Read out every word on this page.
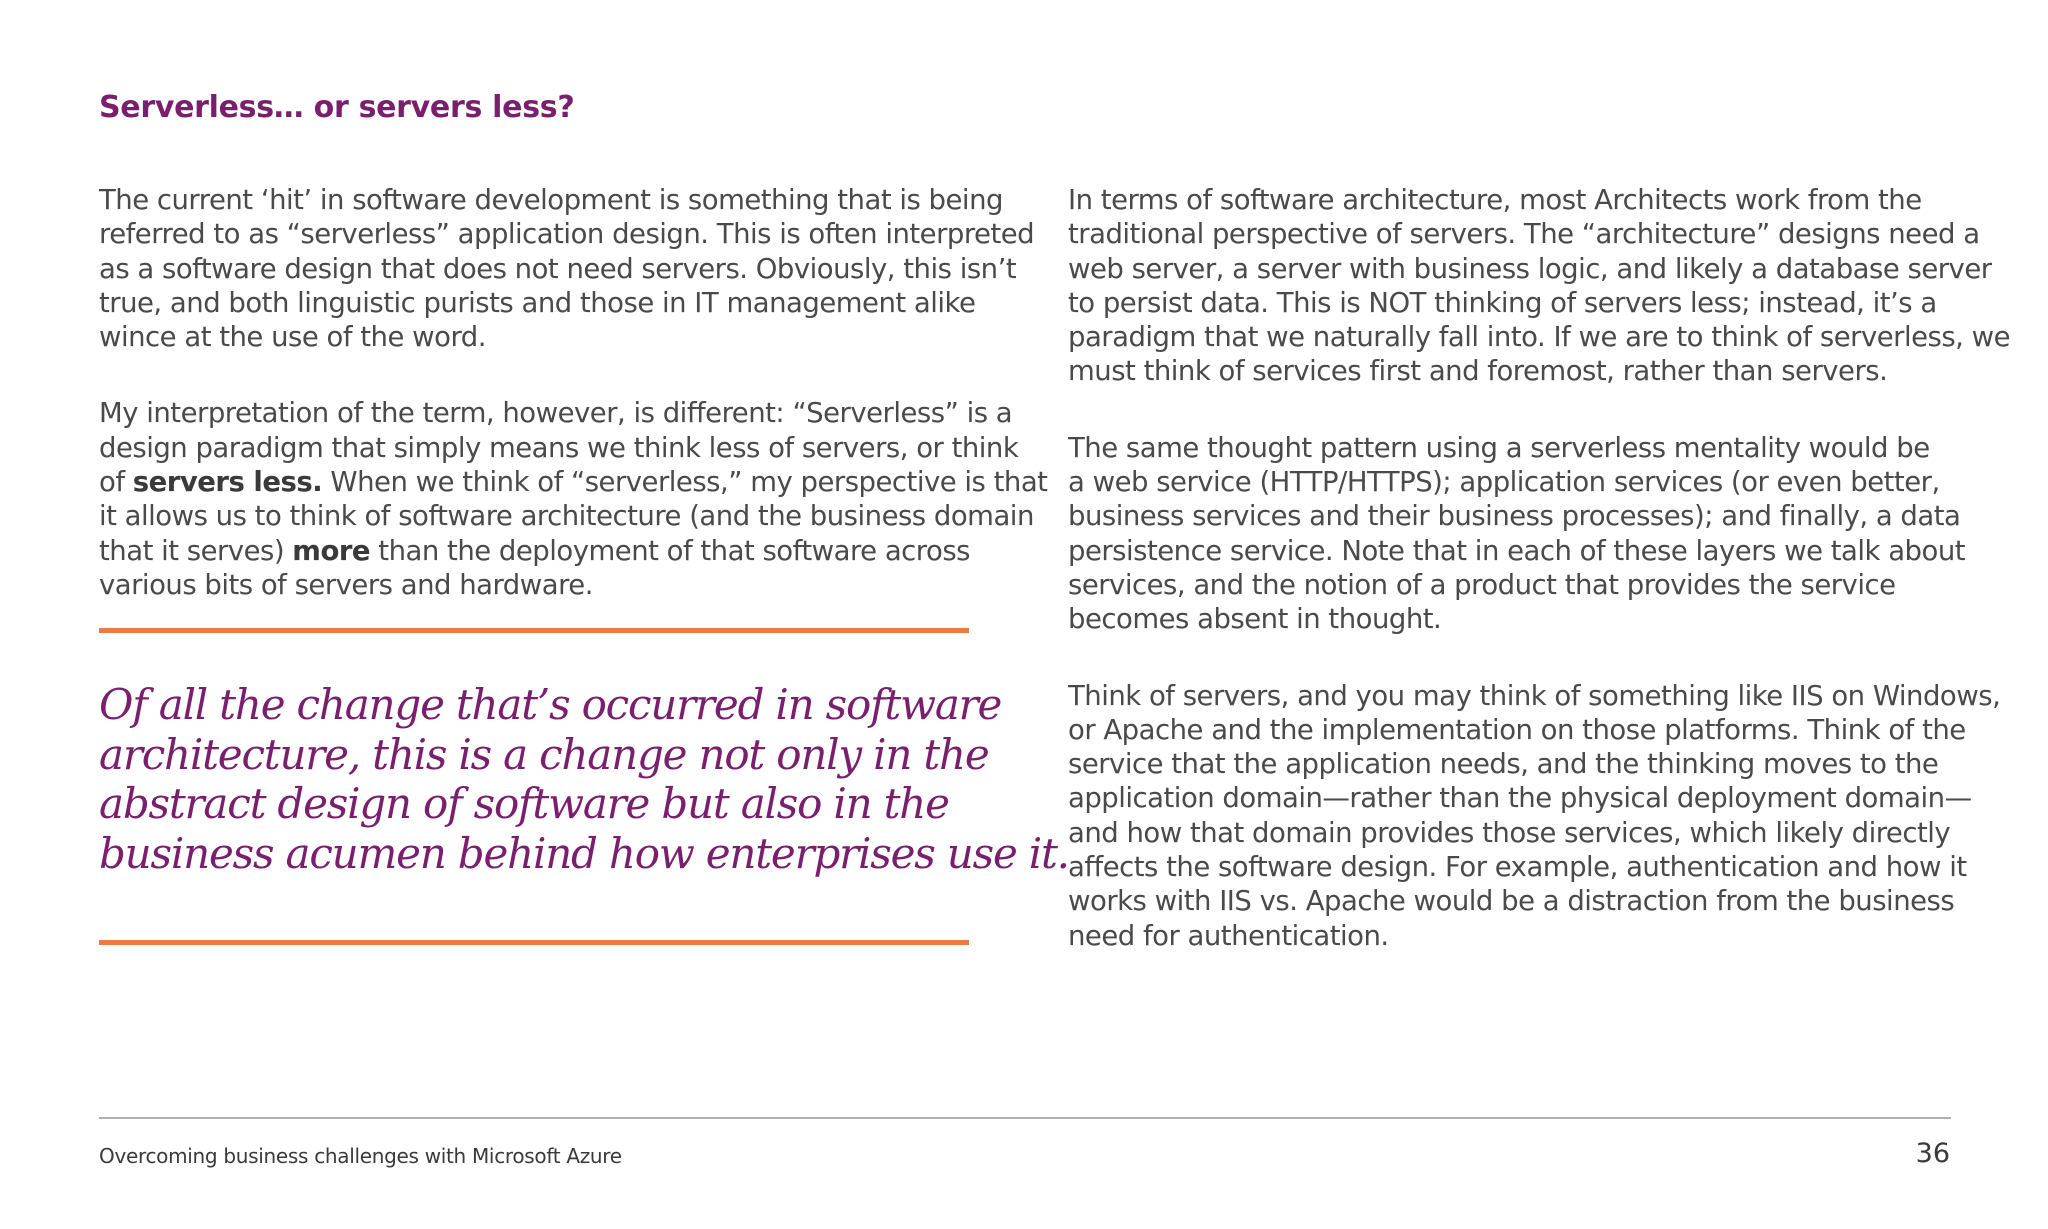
Serverless… or servers less?

The current ‘hit’ in software development is something that is being
referred to as “serverless” application design. This is often interpreted
as a software design that does not need servers. Obviously, this isn’t
true, and both linguistic purists and those in IT management alike
wince at the use of the word.

My interpretation of the term, however, is different: “Serverless” is a
design paradigm that simply means we think less of servers, or think
of servers less. When we think of “serverless,” my perspective is that
it allows us to think of software architecture (and the business domain
that it serves) more than the deployment of that software across
various bits of servers and hardware.

Of all the change that’s occurred in software
architecture, this is a change not only in the
abstract design of software but also in the
business acumen behind how enterprises use it.

In terms of software architecture, most Architects work from the
traditional perspective of servers. The “architecture” designs need a
web server, a server with business logic, and likely a database server
to persist data. This is NOT thinking of servers less; instead, it’s a
paradigm that we naturally fall into. If we are to think of serverless, we
must think of services first and foremost, rather than servers.

The same thought pattern using a serverless mentality would be
a web service (HTTP/HTTPS); application services (or even better,
business services and their business processes); and finally, a data
persistence service. Note that in each of these layers we talk about
services, and the notion of a product that provides the service
becomes absent in thought.

Think of servers, and you may think of something like IIS on Windows,
or Apache and the implementation on those platforms. Think of the
service that the application needs, and the thinking moves to the
application domain—rather than the physical deployment domain—
and how that domain provides those services, which likely directly
affects the software design. For example, authentication and how it
works with IIS vs. Apache would be a distraction from the business
need for authentication.

Overcoming business challenges with Microsoft Azure	36
